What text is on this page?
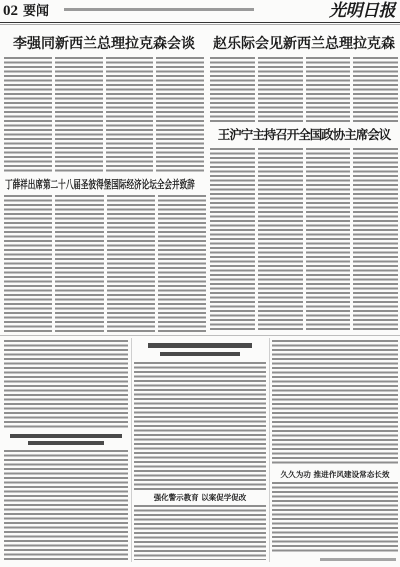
02 要闻	光明日报
李强同新西兰总理拉克森会谈	赵乐际会见新西兰总理拉克森
王沪宁主持召开全国政协主席会议
丁薛祥出席第二十八届圣彼得堡国际经济论坛全会并致辞
强化警示教育 以案促学促改
久久为功 推进作风建设常态长效
